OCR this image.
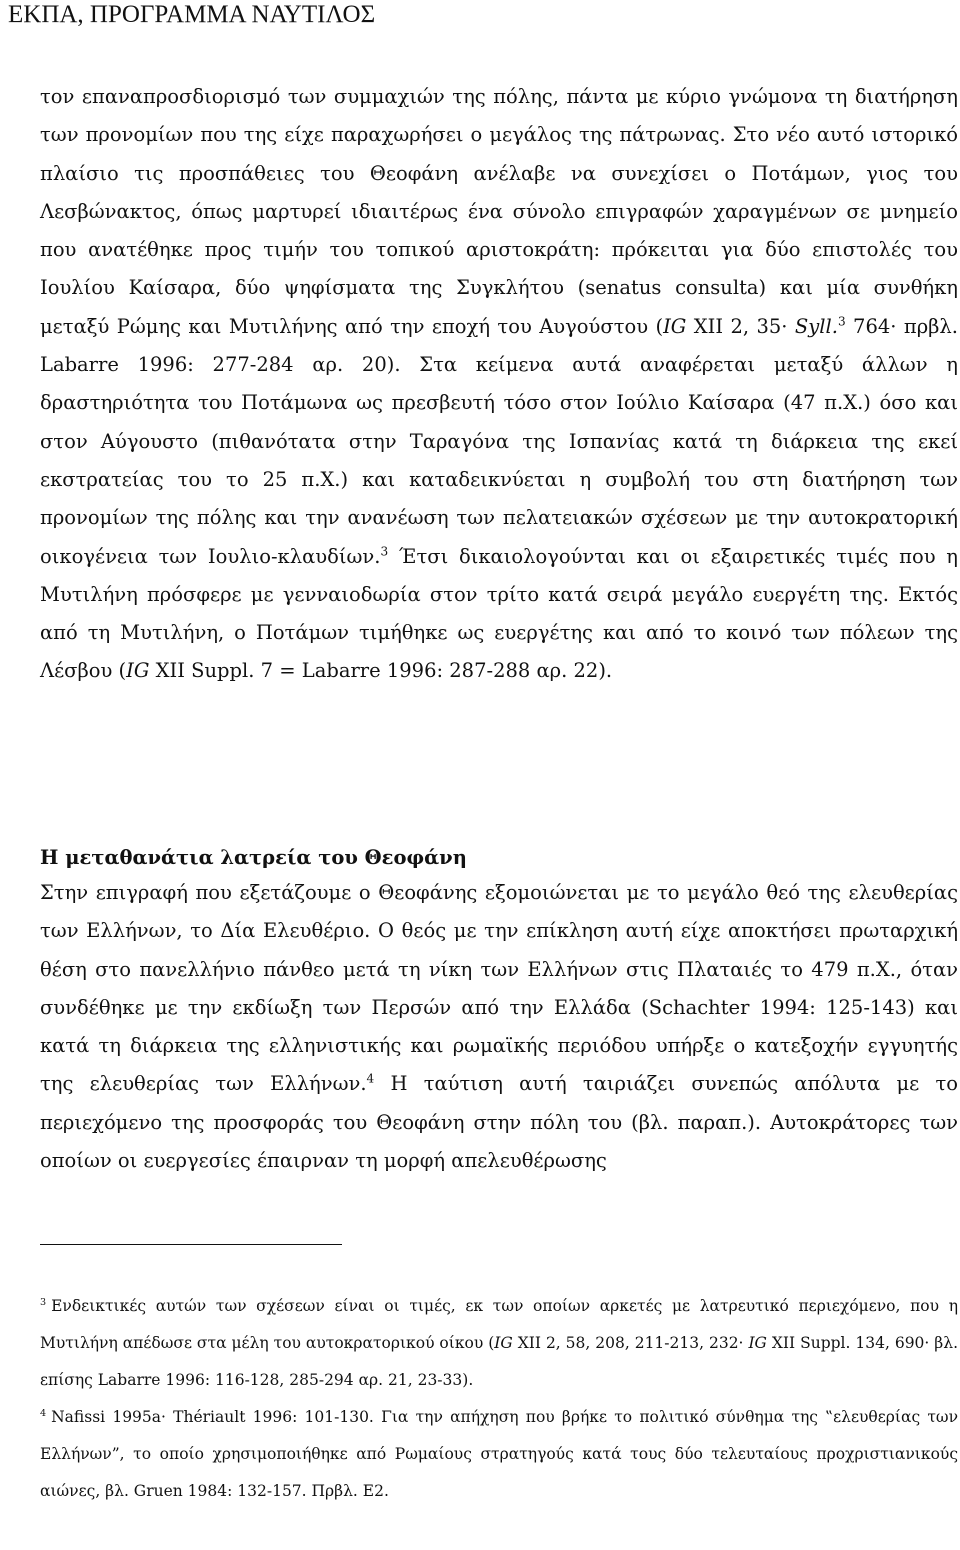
ΕΚΠΑ, ΠΡΟΓΡΑΜΜΑ ΝΑΥΤΙΛΟΣ

τον επαναπροσδιορισμό των συμμαχιών της πόλης, πάντα με κύριο γνώμονα τη διατήρηση των προνομίων που της είχε παραχωρήσει ο μεγάλος της πάτρωνας. Στο νέο αυτό ιστορικό πλαίσιο τις προσπάθειες του Θεοφάνη ανέλαβε να συνεχίσει ο Ποτάμων, γιος του Λεσβώνακτος, όπως μαρτυρεί ιδιαιτέρως ένα σύνολο επιγραφών χαραγμένων σε μνημείο που ανατέθηκε προς τιμήν του τοπικού αριστοκράτη: πρόκειται για δύο επιστολές του Ιουλίου Καίσαρα, δύο ψηφίσματα της Συγκλήτου (senatus consulta) και μία συνθήκη μεταξύ Ρώμης και Μυτιλήνης από την εποχή του Αυγούστου (IG XII 2, 35· Syll.$^3$ 764· πρβλ. Labarre 1996: 277-284 αρ. 20). Στα κείμενα αυτά αναφέρεται μεταξύ άλλων η δραστηριότητα του Ποτάμωνα ως πρεσβευτή τόσο στον Ιούλιο Καίσαρα (47 π.Χ.) όσο και στον Αύγουστο (πιθανότατα στην Ταραγόνα της Ισπανίας κατά τη διάρκεια της εκεί εκστρατείας του το 25 π.Χ.) και καταδεικνύεται η συμβολή του στη διατήρηση των προνομίων της πόλης και την ανανέωση των πελατειακών σχέσεων με την αυτοκρατορική οικογένεια των Ιουλιο-κλαυδίων.$^3$ Έτσι δικαιολογούνται και οι εξαιρετικές τιμές που η Μυτιλήνη πρόσφερε με γενναιοδωρία στον τρίτο κατά σειρά μεγάλο ευεργέτη της. Εκτός από τη Μυτιλήνη, ο Ποτάμων τιμήθηκε ως ευεργέτης και από το κοινό των πόλεων της Λέσβου (IG XII Suppl. 7 = Labarre 1996: 287-288 αρ. 22).

Η μεταθανάτια λατρεία του Θεοφάνη

Στην επιγραφή που εξετάζουμε ο Θεοφάνης εξομοιώνεται με το μεγάλο θεό της ελευθερίας των Ελλήνων, το Δία Ελευθέριο. Ο θεός με την επίκληση αυτή είχε αποκτήσει πρωταρχική θέση στο πανελλήνιο πάνθεο μετά τη νίκη των Ελλήνων στις Πλαταιές το 479 π.Χ., όταν συνδέθηκε με την εκδίωξη των Περσών από την Ελλάδα (Schachter 1994: 125-143) και κατά τη διάρκεια της ελληνιστικής και ρωμαϊκής περιόδου υπήρξε ο κατεξοχήν εγγυητής της ελευθερίας των Ελλήνων.$^4$ Η ταύτιση αυτή ταιριάζει συνεπώς απόλυτα με το περιεχόμενο της προσφοράς του Θεοφάνη στην πόλη του (βλ. παραπ.). Αυτοκράτορες των οποίων οι ευεργεσίες έπαιρναν τη μορφή απελευθέρωσης

$^3$ Ενδεικτικές αυτών των σχέσεων είναι οι τιμές, εκ των οποίων αρκετές με λατρευτικό περιεχόμενο, που η Μυτιλήνη απέδωσε στα μέλη του αυτοκρατορικού οίκου (IG XII 2, 58, 208, 211-213, 232· IG XII Suppl. 134, 690· βλ. επίσης Labarre 1996: 116-128, 285-294 αρ. 21, 23-33).

$^4$ Nafissi 1995a· Thériault 1996: 101-130. Για την απήχηση που βρήκε το πολιτικό σύνθημα της ‟ελευθερίας των Ελλήνων”, το οποίο χρησιμοποιήθηκε από Ρωμαίους στρατηγούς κατά τους δύο τελευταίους προχριστιανικούς αιώνες, βλ. Gruen 1984: 132-157. Πρβλ. Ε2.
